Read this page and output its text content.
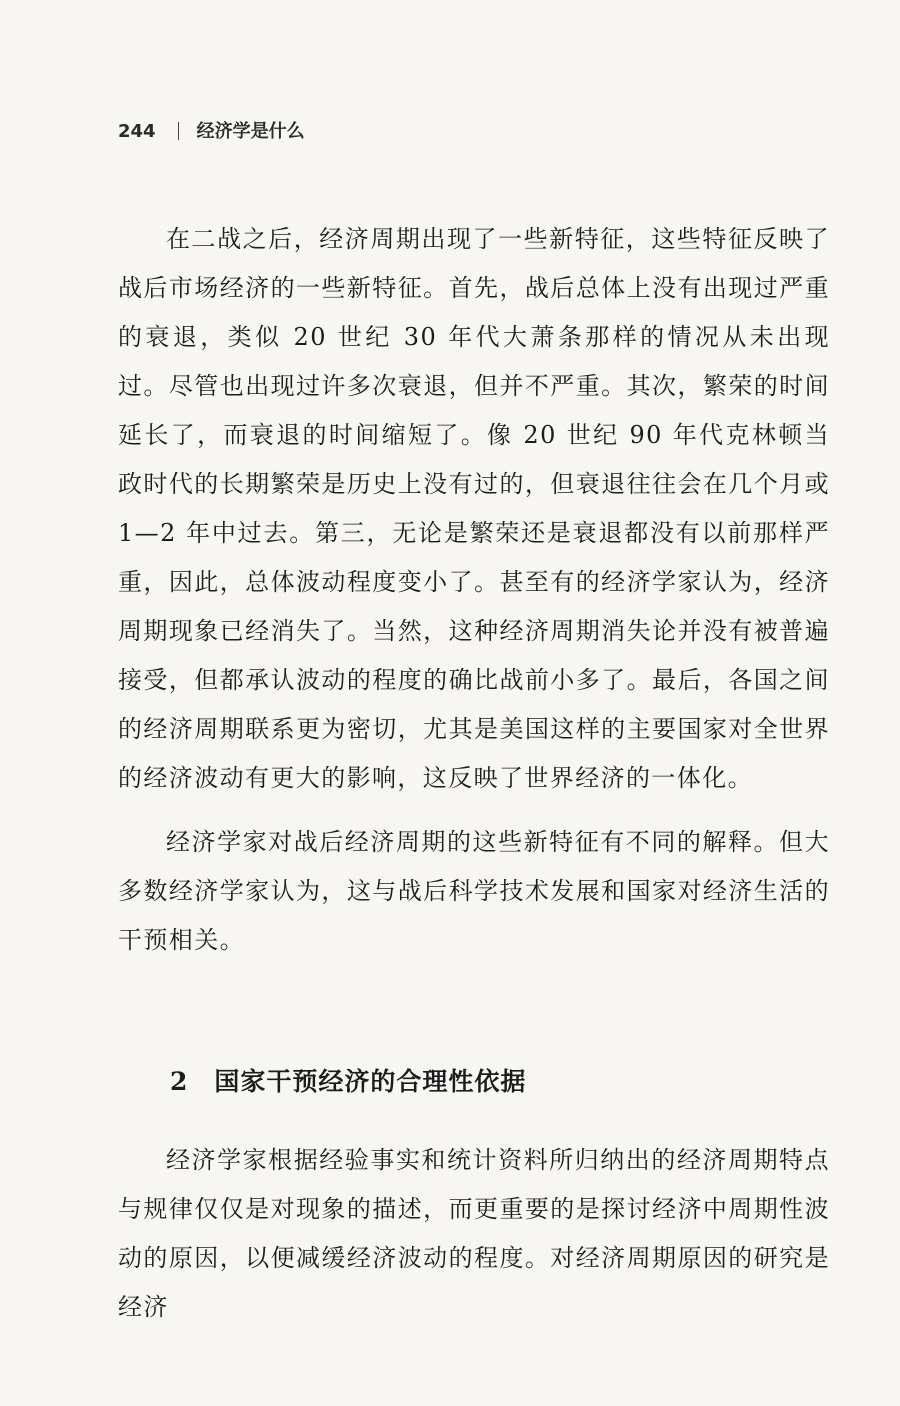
244 经济学是什么

在二战之后，经济周期出现了一些新特征，这些特征反映了战后市场经济的一些新特征。首先，战后总体上没有出现过严重的衰退，类似 20 世纪 30 年代大萧条那样的情况从未出现过。尽管也出现过许多次衰退，但并不严重。其次，繁荣的时间延长了，而衰退的时间缩短了。像 20 世纪 90 年代克林顿当政时代的长期繁荣是历史上没有过的，但衰退往往会在几个月或 1—2 年中过去。第三，无论是繁荣还是衰退都没有以前那样严重，因此，总体波动程度变小了。甚至有的经济学家认为，经济周期现象已经消失了。当然，这种经济周期消失论并没有被普遍接受，但都承认波动的程度的确比战前小多了。最后，各国之间的经济周期联系更为密切，尤其是美国这样的主要国家对全世界的经济波动有更大的影响，这反映了世界经济的一体化。

经济学家对战后经济周期的这些新特征有不同的解释。但大多数经济学家认为，这与战后科学技术发展和国家对经济生活的干预相关。

2 国家干预经济的合理性依据

经济学家根据经验事实和统计资料所归纳出的经济周期特点与规律仅仅是对现象的描述，而更重要的是探讨经济中周期性波动的原因，以便减缓经济波动的程度。对经济周期原因的研究是经济
